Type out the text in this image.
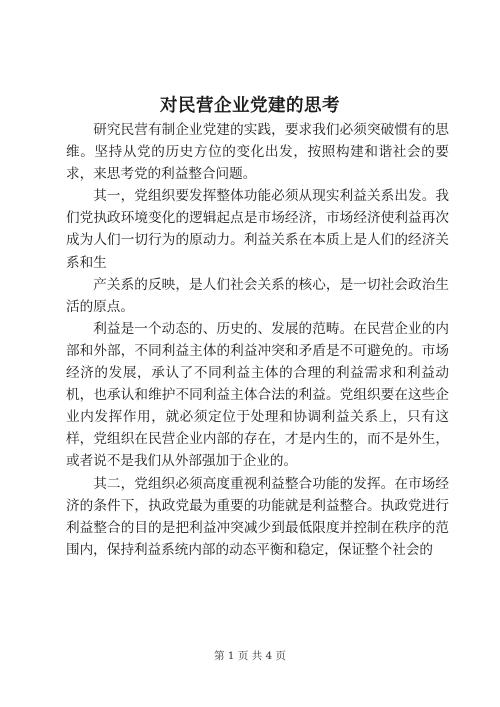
对民营企业党建的思考

研究民营有制企业党建的实践，要求我们必须突破惯有的思维。坚持从党的历史方位的变化出发，按照构建和谐社会的要求，来思考党的利益整合问题。

其一，党组织要发挥整体功能必须从现实利益关系出发。我们党执政环境变化的逻辑起点是市场经济，市场经济使利益再次成为人们一切行为的原动力。利益关系在本质上是人们的经济关系和生

产关系的反映，是人们社会关系的核心，是一切社会政治生活的原点。

利益是一个动态的、历史的、发展的范畴。在民营企业的内部和外部，不同利益主体的利益冲突和矛盾是不可避免的。市场经济的发展，承认了不同利益主体的合理的利益需求和利益动机，也承认和维护不同利益主体合法的利益。党组织要在这些企业内发挥作用，就必须定位于处理和协调利益关系上，只有这样，党组织在民营企业内部的存在，才是内生的，而不是外生，或者说不是我们从外部强加于企业的。

其二，党组织必须高度重视利益整合功能的发挥。在市场经济的条件下，执政党最为重要的功能就是利益整合。执政党进行利益整合的目的是把利益冲突减少到最低限度并控制在秩序的范围内，保持利益系统内部的动态平衡和稳定，保证整个社会的

第 1 页 共 4 页
